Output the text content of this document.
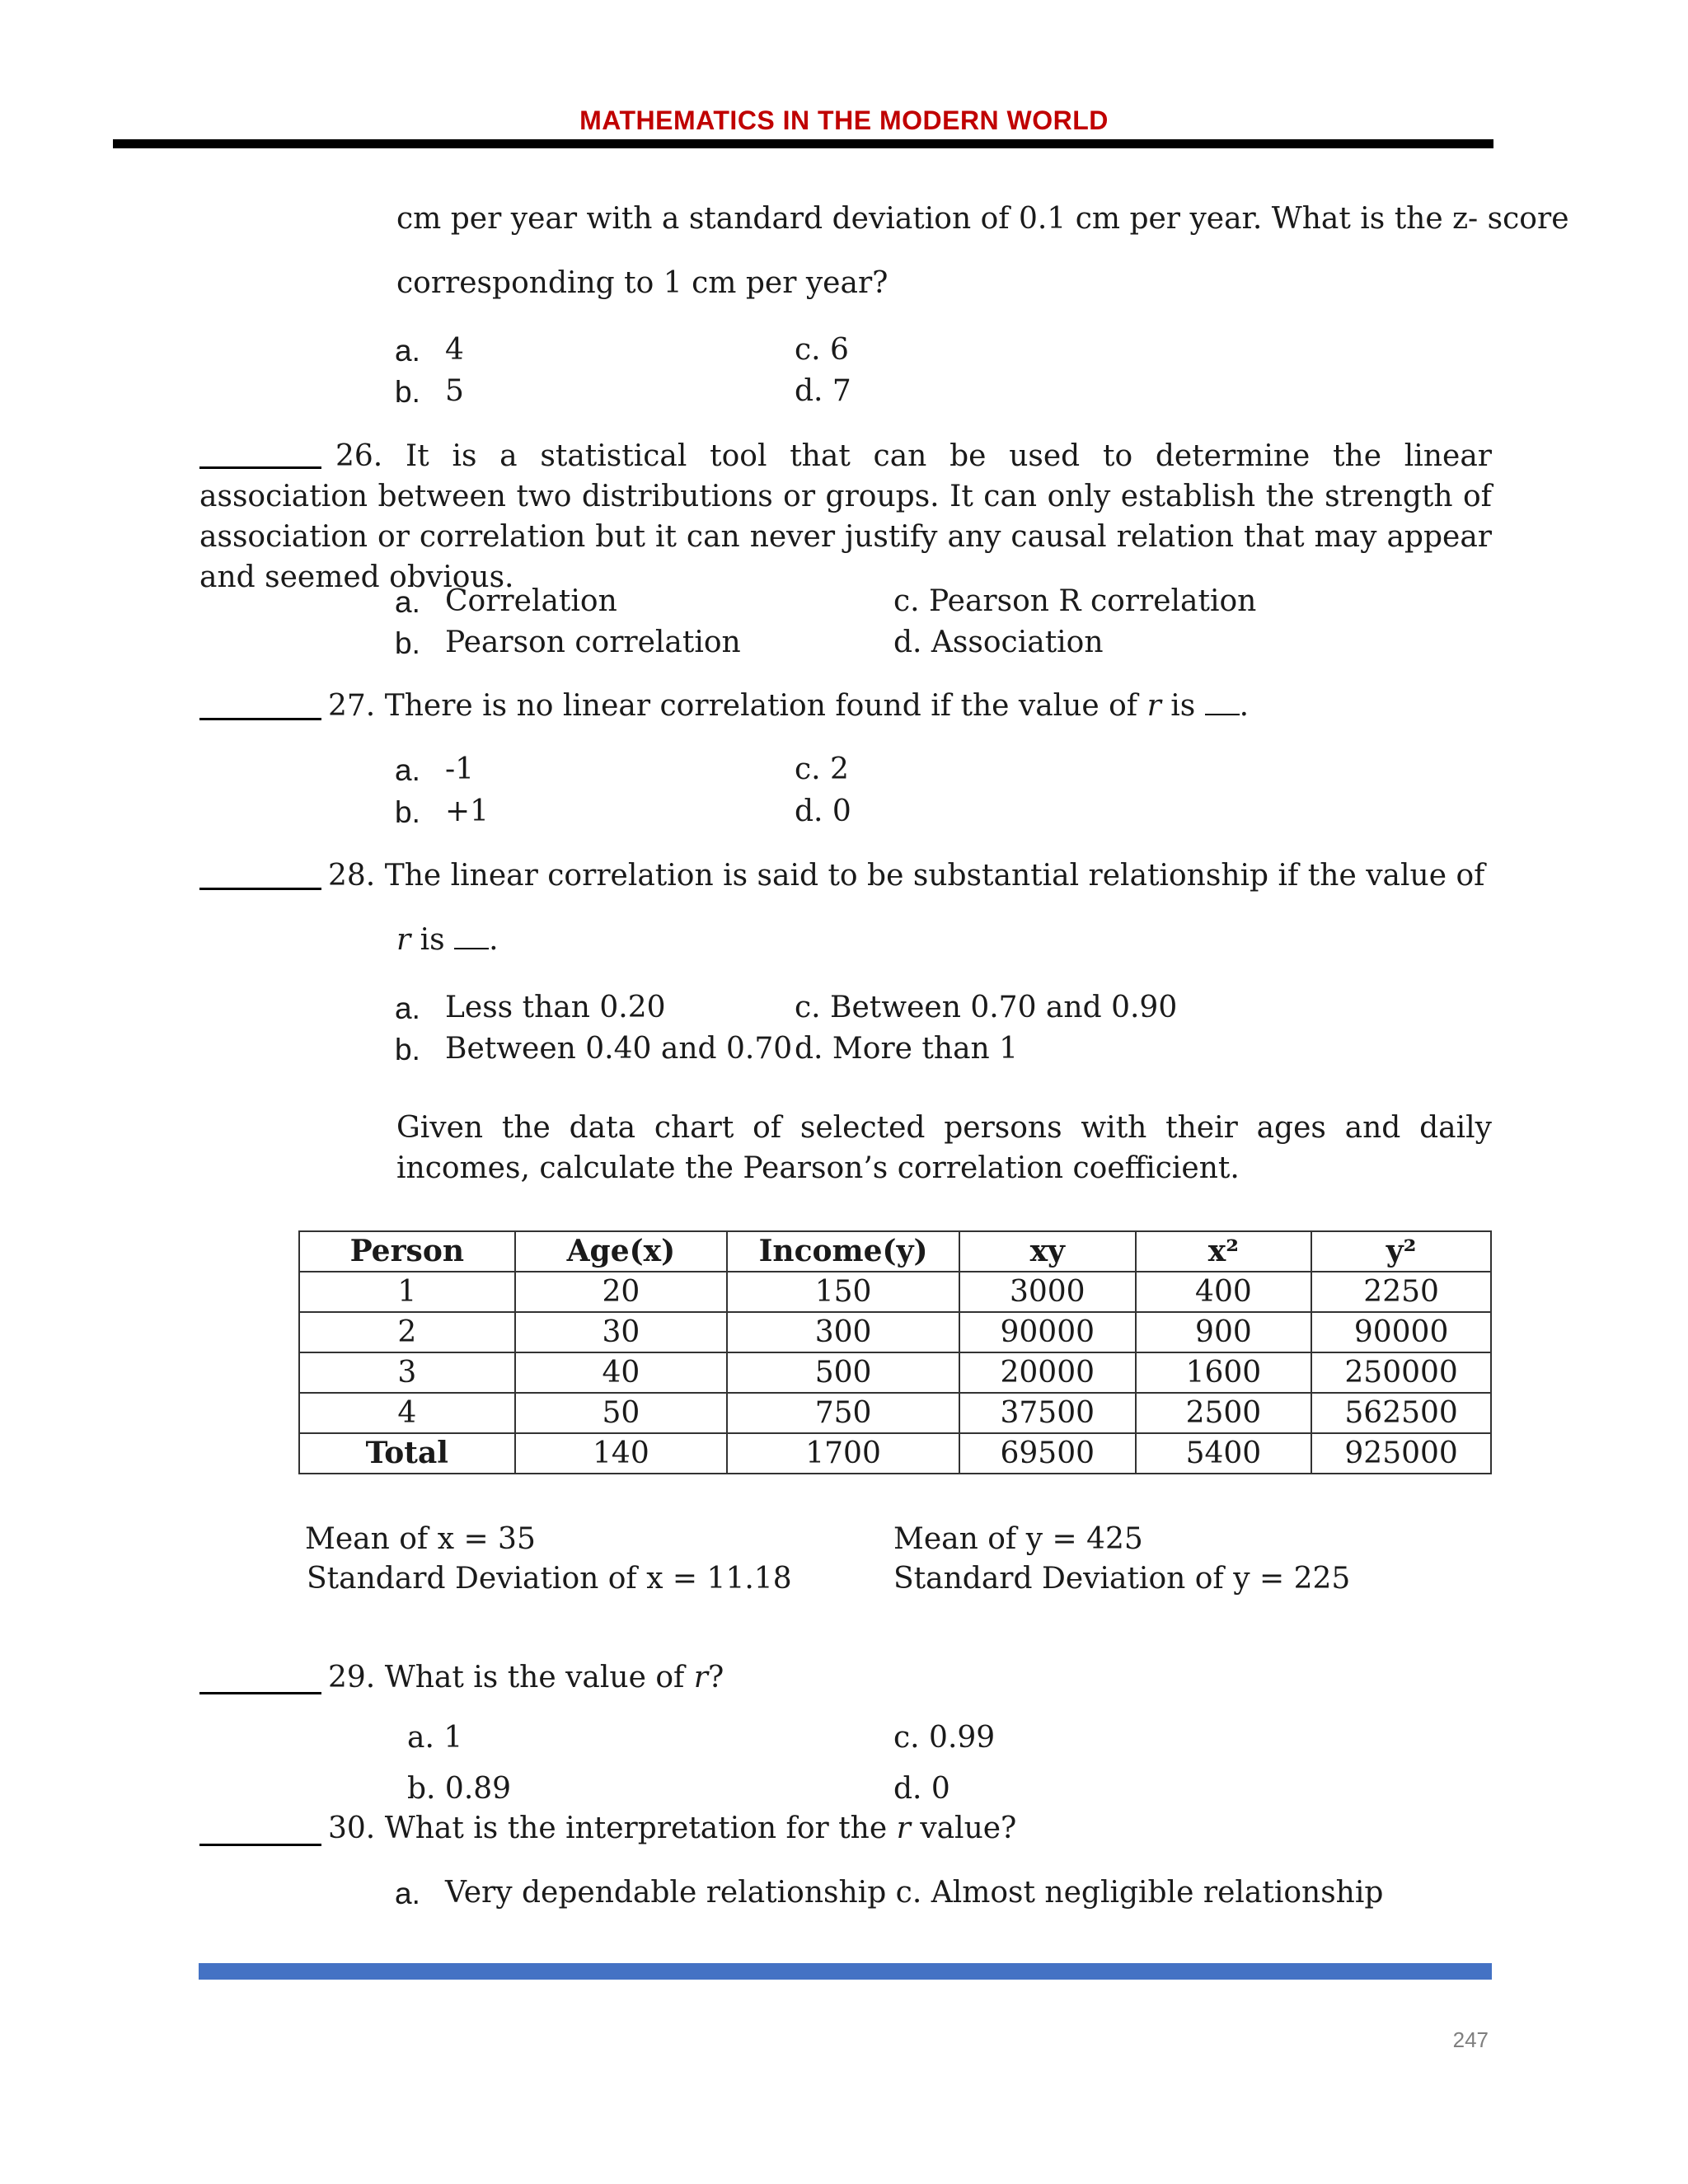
MATHEMATICS IN THE MODERN WORLD
cm per year with a standard deviation of 0.1 cm per year. What is the z- score
corresponding to 1 cm per year?
a. 4
b. 5
c. 6
d. 7
26. It is a statistical tool that can be used to determine the linear association between two distributions or groups. It can only establish the strength of association or correlation but it can never justify any causal relation that may appear and seemed obvious.
a. Correlation
b. Pearson correlation
c. Pearson R correlation
d. Association
27. There is no linear correlation found if the value of r is .
a. -1
b. +1
c. 2
d. 0
28. The linear correlation is said to be substantial relationship if the value of
r is .
a. Less than 0.20
b. Between 0.40 and 0.70
c. Between 0.70 and 0.90
d. More than 1
Given the data chart of selected persons with their ages and daily incomes, calculate the Pearson’s correlation coefficient.
Person	Age(x)	Income(y)	xy	x²	y²
1	20	150	3000	400	2250
2	30	300	90000	900	90000
3	40	500	20000	1600	250000
4	50	750	37500	2500	562500
Total	140	1700	69500	5400	925000
Mean of x = 35
Standard Deviation of x = 11.18
Mean of y = 425
Standard Deviation of y = 225
29. What is the value of r?
a. 1
b. 0.89
c. 0.99
d. 0
30. What is the interpretation for the r value?
a. Very dependable relationship c. Almost negligible relationship
247
